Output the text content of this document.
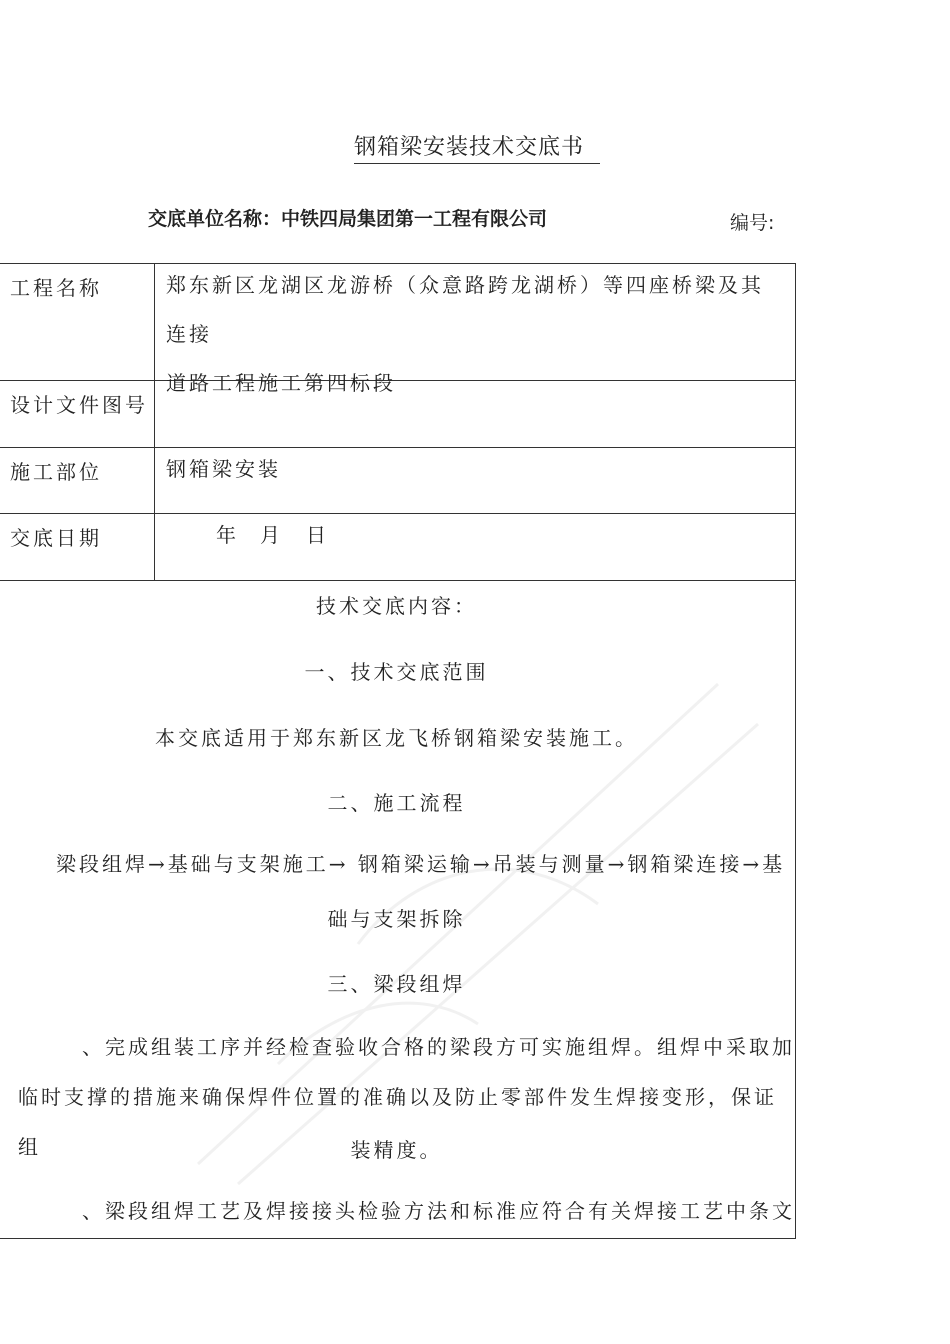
钢箱梁安装技术交底书
交底单位名称：中铁四局集团第一工程有限公司	编号:
工程名称	郑东新区龙湖区龙游桥（众意路跨龙湖桥）等四座桥梁及其连接
道路工程施工第四标段
设计文件图号
施工部位	钢箱梁安装
交底日期	年	月	日
技术交底内容：
一、技术交底范围
本交底适用于郑东新区龙飞桥钢箱梁安装施工。
二、施工流程
梁段组焊→基础与支架施工→ 钢箱梁运输→吊装与测量→钢箱梁连接→基
础与支架拆除
三、梁段组焊
、完成组装工序并经检查验收合格的梁段方可实施组焊。组焊中采取加
临时支撑的措施来确保焊件位置的准确以及防止零部件发生焊接变形，保证组	装精度。
、梁段组焊工艺及焊接接头检验方法和标准应符合有关焊接工艺中条文
